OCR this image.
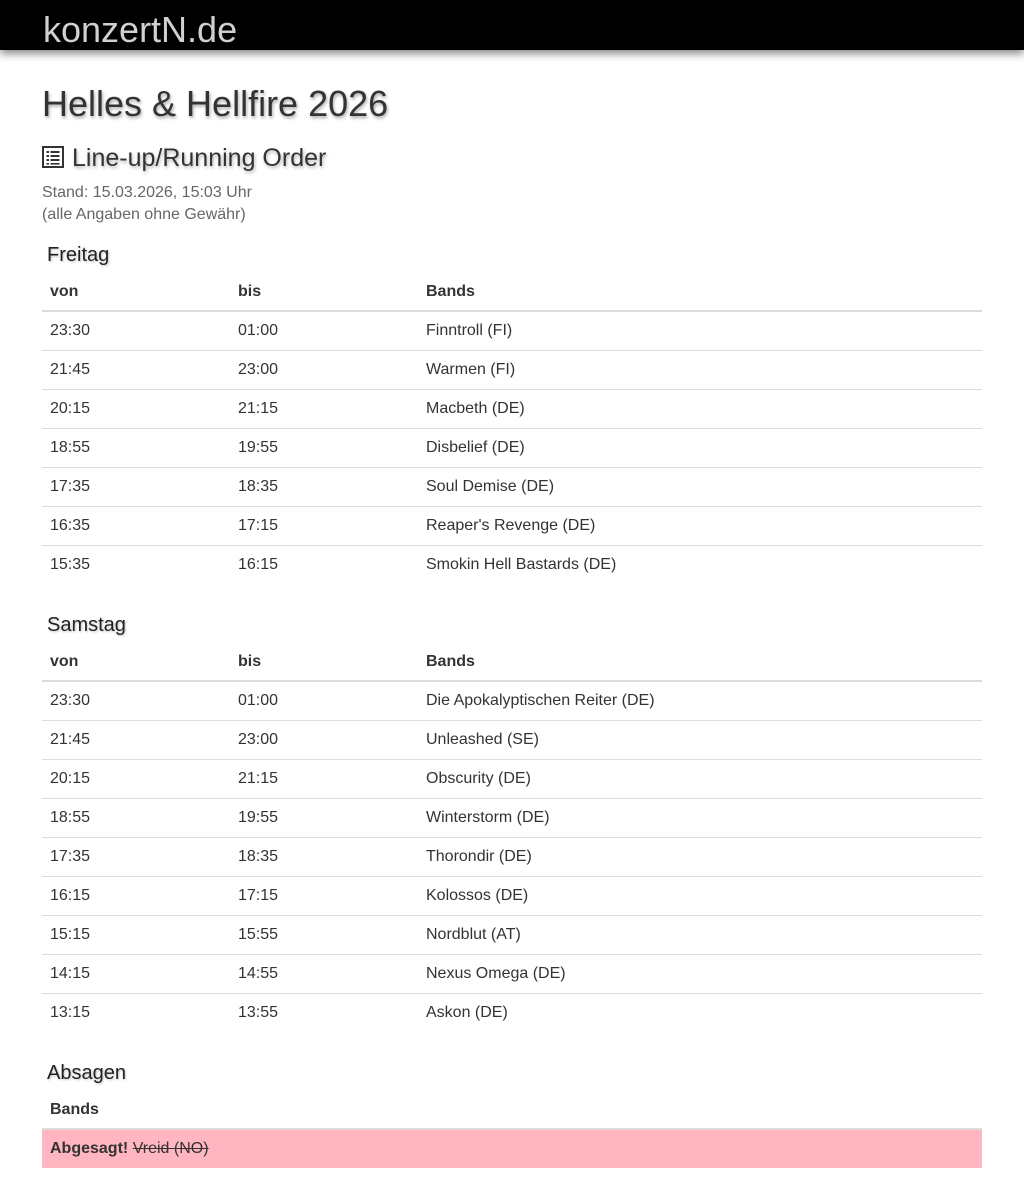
konzertN.de
Helles & Hellfire 2026
Line-up/Running Order
Stand: 15.03.2026, 15:03 Uhr
(alle Angaben ohne Gewähr)
Freitag
von	bis	Bands
23:30	01:00	Finntroll (FI)
21:45	23:00	Warmen (FI)
20:15	21:15	Macbeth (DE)
18:55	19:55	Disbelief (DE)
17:35	18:35	Soul Demise (DE)
16:35	17:15	Reaper's Revenge (DE)
15:35	16:15	Smokin Hell Bastards (DE)
Samstag
von	bis	Bands
23:30	01:00	Die Apokalyptischen Reiter (DE)
21:45	23:00	Unleashed (SE)
20:15	21:15	Obscurity (DE)
18:55	19:55	Winterstorm (DE)
17:35	18:35	Thorondir (DE)
16:15	17:15	Kolossos (DE)
15:15	15:55	Nordblut (AT)
14:15	14:55	Nexus Omega (DE)
13:15	13:55	Askon (DE)
Absagen
Bands
Abgesagt! Vreid (NO)
